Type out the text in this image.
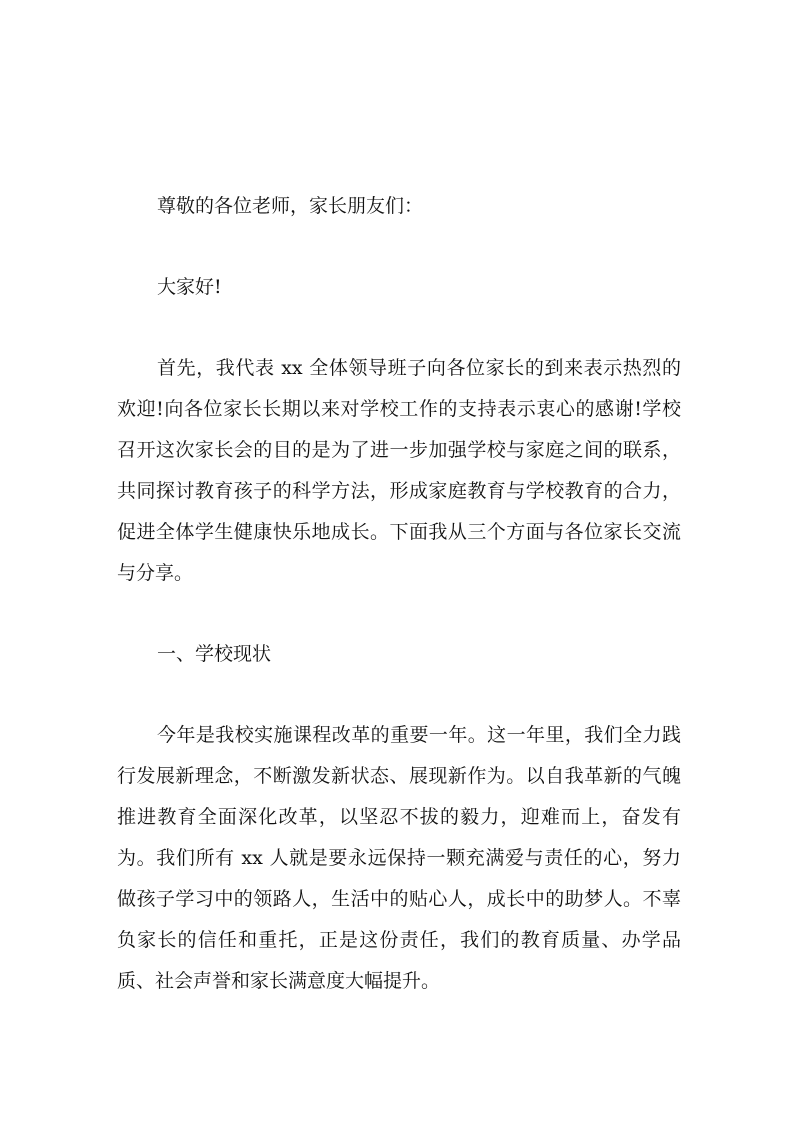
尊敬的各位老师，家长朋友们：

大家好!

首先，我代表 xx 全体领导班子向各位家长的到来表示热烈的欢迎!向各位家长长期以来对学校工作的支持表示衷心的感谢!学校召开这次家长会的目的是为了进一步加强学校与家庭之间的联系，共同探讨教育孩子的科学方法，形成家庭教育与学校教育的合力，促进全体学生健康快乐地成长。下面我从三个方面与各位家长交流与分享。

一、学校现状

今年是我校实施课程改革的重要一年。这一年里，我们全力践行发展新理念，不断激发新状态、展现新作为。以自我革新的气魄推进教育全面深化改革，以坚忍不拔的毅力，迎难而上，奋发有为。我们所有 xx 人就是要永远保持一颗充满爱与责任的心，努力做孩子学习中的领路人，生活中的贴心人，成长中的助梦人。不辜负家长的信任和重托，正是这份责任，我们的教育质量、办学品质、社会声誉和家长满意度大幅提升。
